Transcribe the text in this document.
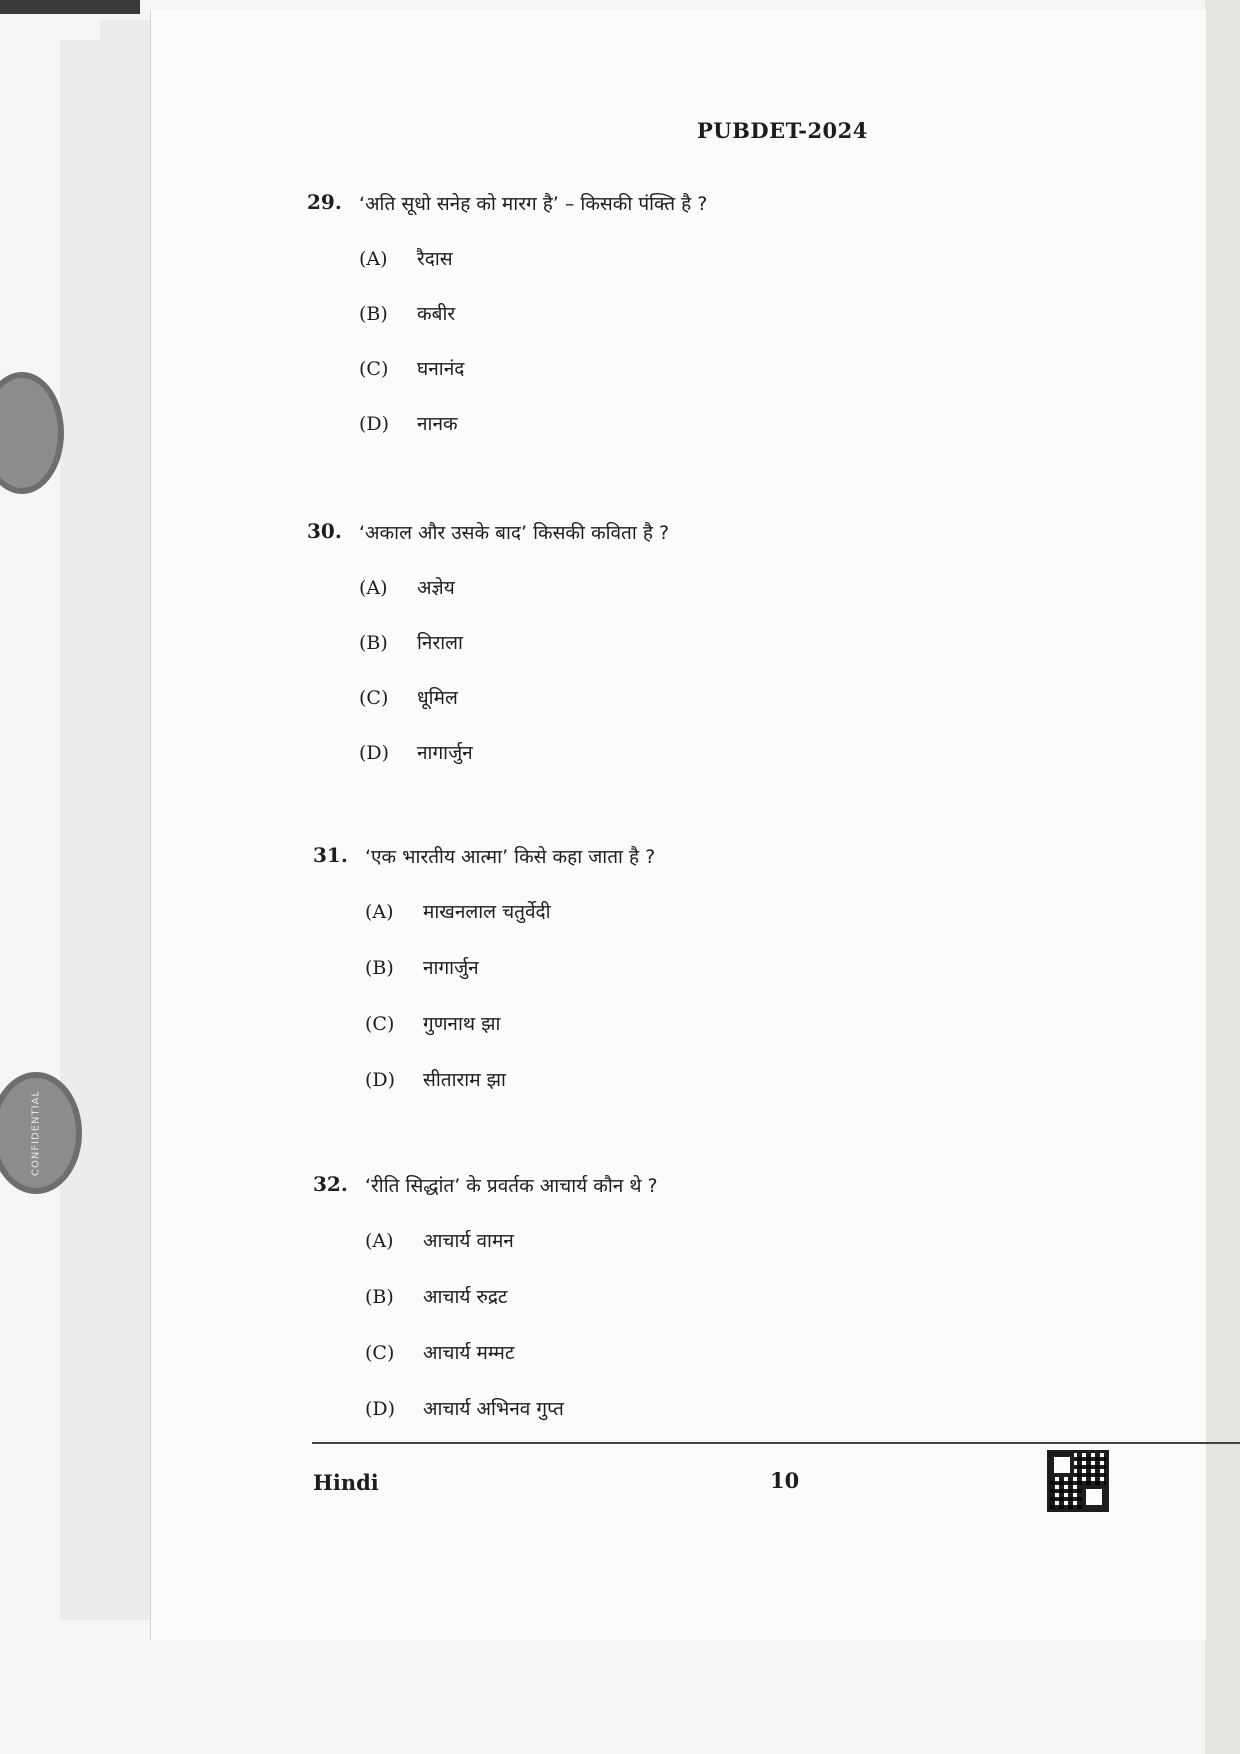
CONFIDENTIAL
PUBDET-2024
29. ‘अति सूधो सनेह को मारग है’ – किसकी पंक्ति है ?
(A) रैदास
(B) कबीर
(C) घनानंद
(D) नानक
30. ‘अकाल और उसके बाद’ किसकी कविता है ?
(A) अज्ञेय
(B) निराला
(C) धूमिल
(D) नागार्जुन
31. ‘एक भारतीय आत्मा’ किसे कहा जाता है ?
(A) माखनलाल चतुर्वेदी
(B) नागार्जुन
(C) गुणनाथ झा
(D) सीताराम झा
32. ‘रीति सिद्धांत’ के प्रवर्तक आचार्य कौन थे ?
(A) आचार्य वामन
(B) आचार्य रुद्रट
(C) आचार्य मम्मट
(D) आचार्य अभिनव गुप्त
Hindi	10
